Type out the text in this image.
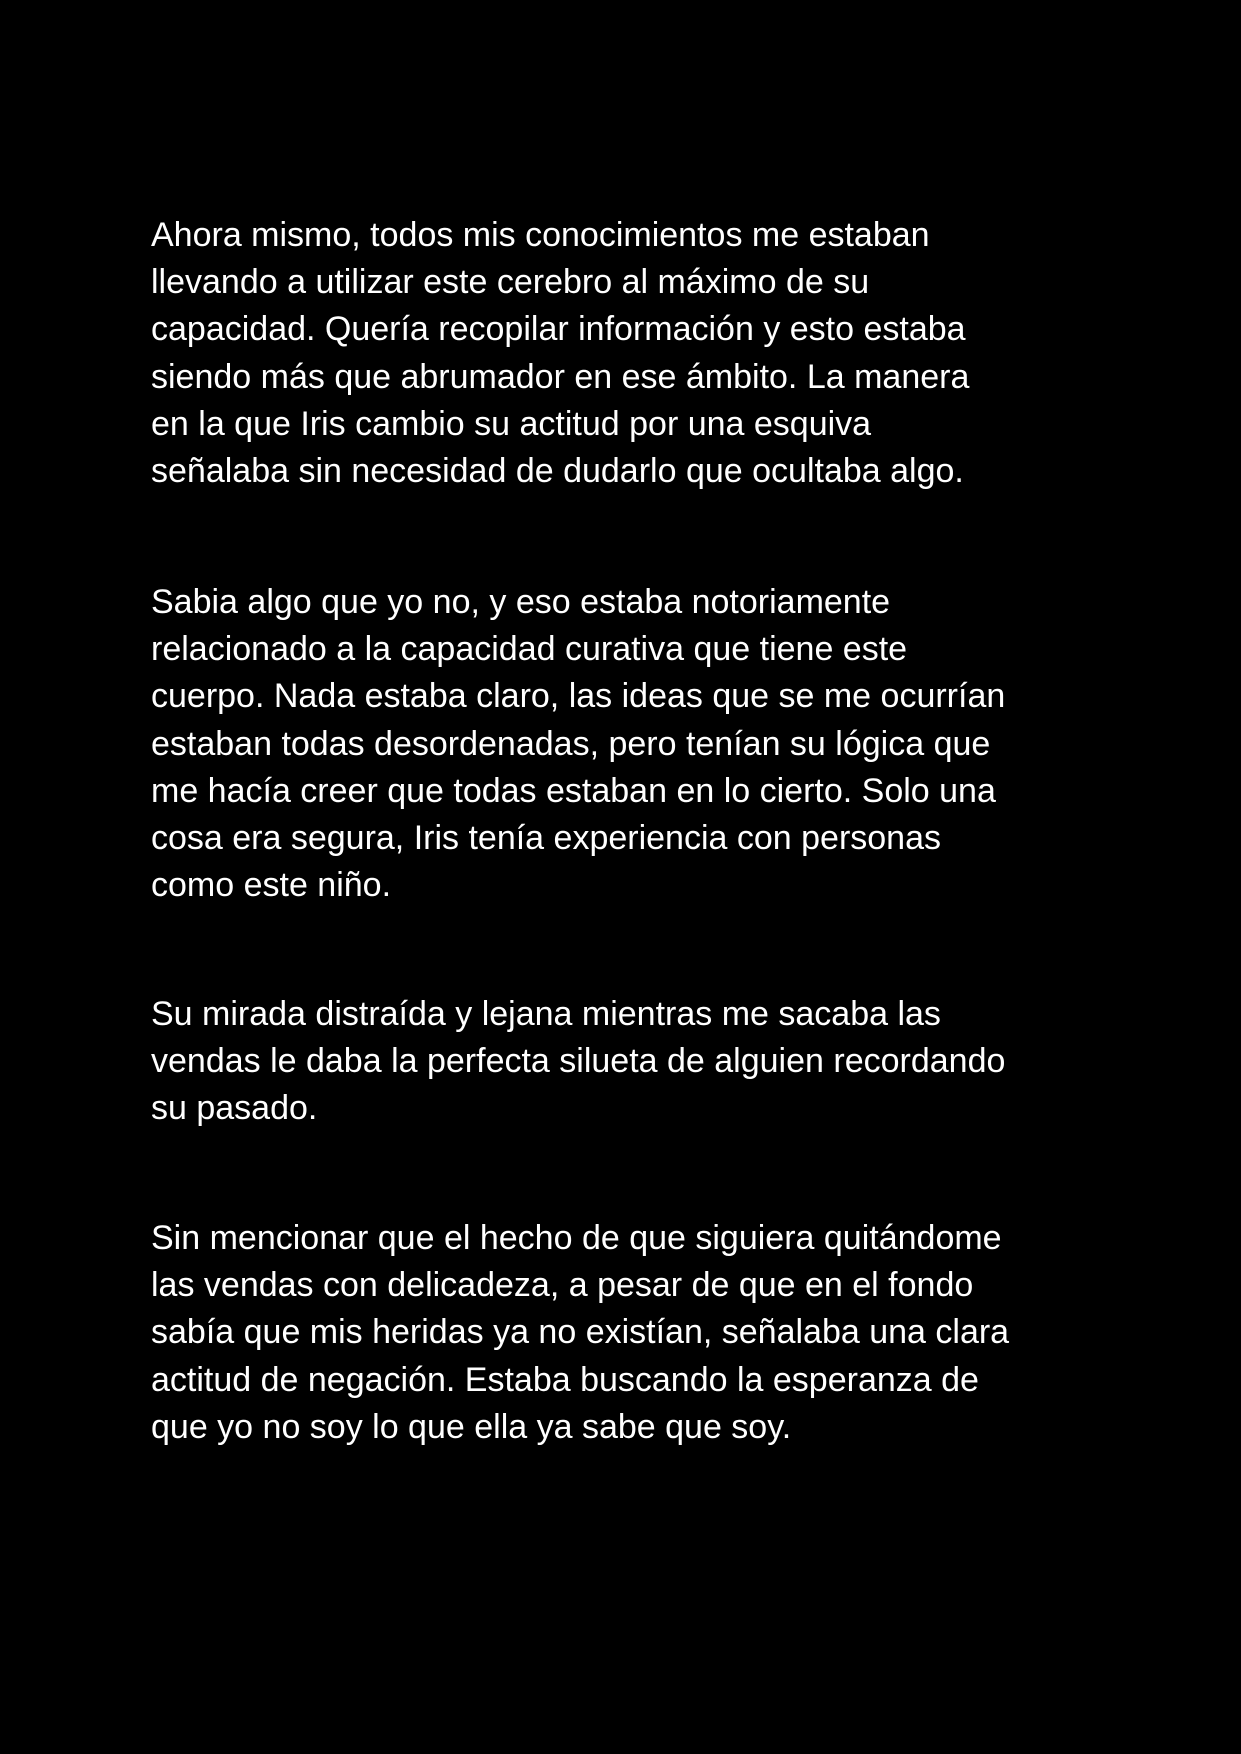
Ahora mismo, todos mis conocimientos me estaban
llevando a utilizar este cerebro al máximo de su
capacidad. Quería recopilar información y esto estaba
siendo más que abrumador en ese ámbito. La manera
en la que Iris cambio su actitud por una esquiva
señalaba sin necesidad de dudarlo que ocultaba algo.
Sabia algo que yo no, y eso estaba notoriamente
relacionado a la capacidad curativa que tiene este
cuerpo. Nada estaba claro, las ideas que se me ocurrían
estaban todas desordenadas, pero tenían su lógica que
me hacía creer que todas estaban en lo cierto. Solo una
cosa era segura, Iris tenía experiencia con personas
como este niño.
Su mirada distraída y lejana mientras me sacaba las
vendas le daba la perfecta silueta de alguien recordando
su pasado.
Sin mencionar que el hecho de que siguiera quitándome
las vendas con delicadeza, a pesar de que en el fondo
sabía que mis heridas ya no existían, señalaba una clara
actitud de negación. Estaba buscando la esperanza de
que yo no soy lo que ella ya sabe que soy.
